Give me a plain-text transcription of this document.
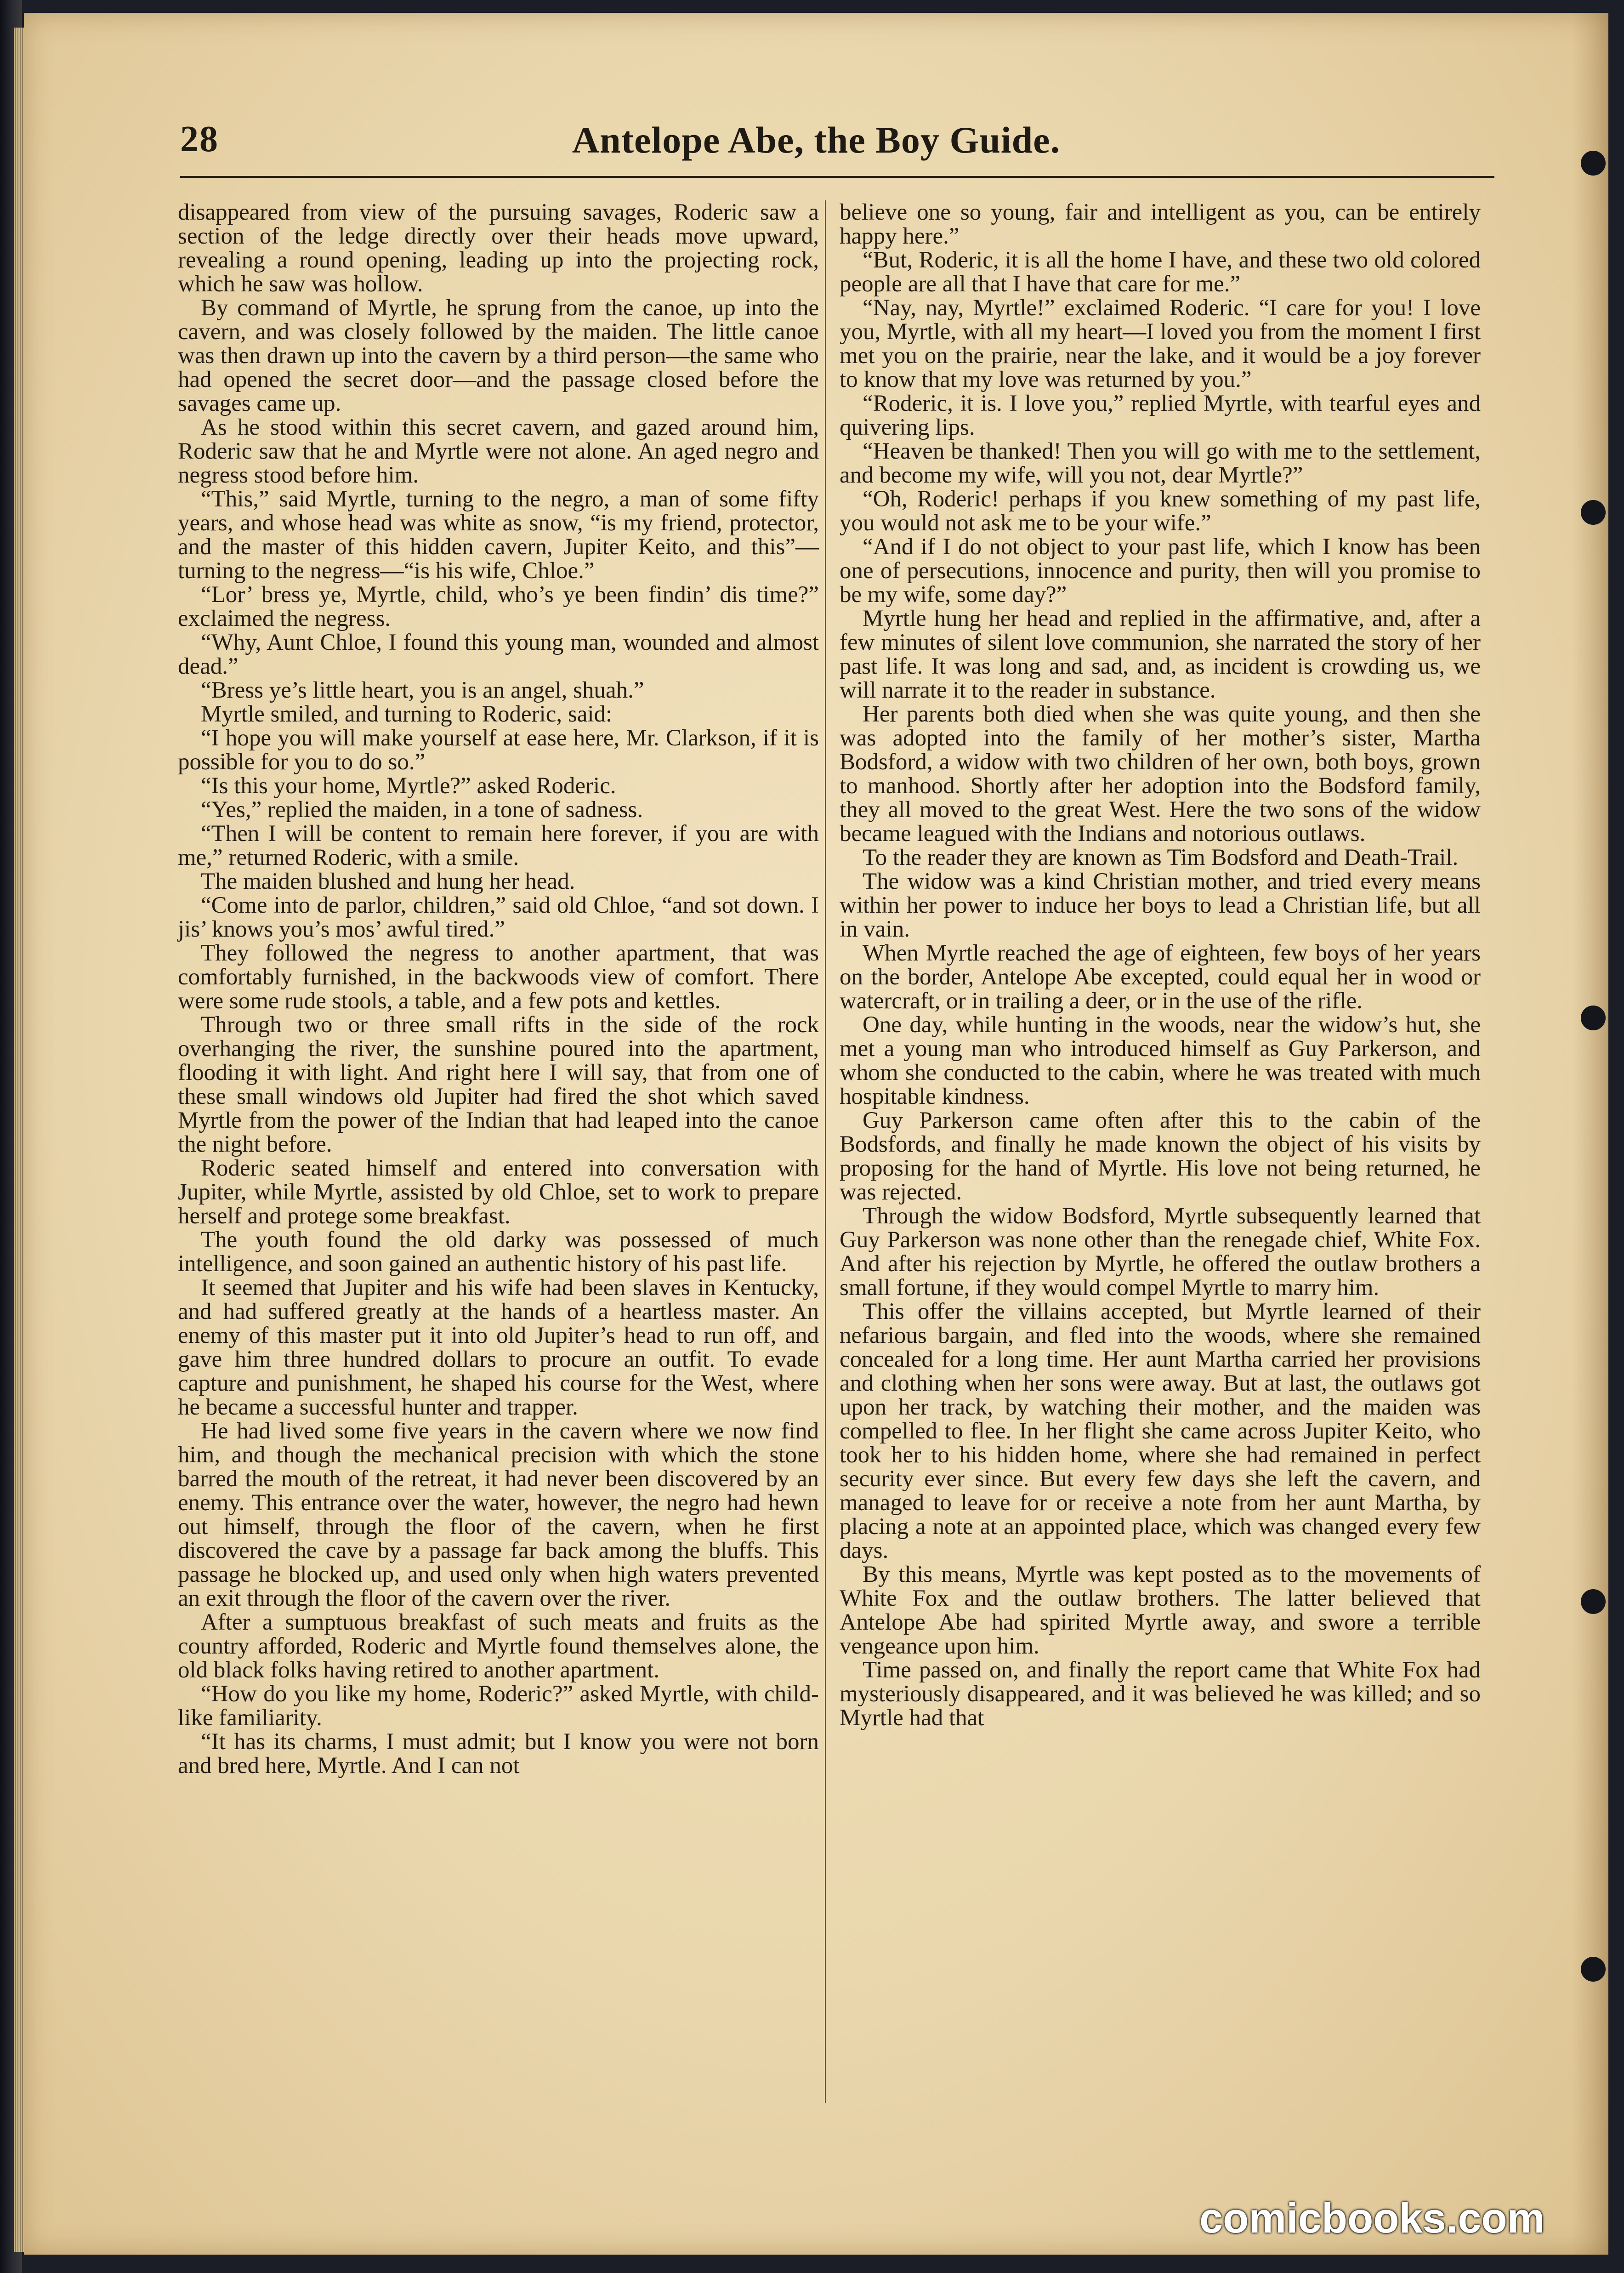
28	Antelope Abe, the Boy Guide.

disappeared from view of the pursuing savages, Roderic saw a section of the ledge directly over their heads move upward, revealing a round opening, leading up into the projecting rock, which he saw was hollow.

By command of Myrtle, he sprung from the canoe, up into the cavern, and was closely followed by the maiden. The little canoe was then drawn up into the cavern by a third person—the same who had opened the secret door—and the passage closed before the savages came up.

As he stood within this secret cavern, and gazed around him, Roderic saw that he and Myrtle were not alone. An aged negro and negress stood before him.

“This,” said Myrtle, turning to the negro, a man of some fifty years, and whose head was white as snow, “is my friend, protector, and the master of this hidden cavern, Jupiter Keito, and this”—turning to the negress—“is his wife, Chloe.”

“Lor’ bress ye, Myrtle, child, who’s ye been findin’ dis time?” exclaimed the negress.

“Why, Aunt Chloe, I found this young man, wounded and almost dead.”

“Bress ye’s little heart, you is an angel, shuah.”

Myrtle smiled, and turning to Roderic, said:

“I hope you will make yourself at ease here, Mr. Clarkson, if it is possible for you to do so.”

“Is this your home, Myrtle?” asked Roderic.

“Yes,” replied the maiden, in a tone of sadness.

“Then I will be content to remain here forever, if you are with me,” returned Roderic, with a smile.

The maiden blushed and hung her head.

“Come into de parlor, children,” said old Chloe, “and sot down. I jis’ knows you’s mos’ awful tired.”

They followed the negress to another apartment, that was comfortably furnished, in the backwoods view of comfort. There were some rude stools, a table, and a few pots and kettles.

Through two or three small rifts in the side of the rock overhanging the river, the sunshine poured into the apartment, flooding it with light. And right here I will say, that from one of these small windows old Jupiter had fired the shot which saved Myrtle from the power of the Indian that had leaped into the canoe the night before.

Roderic seated himself and entered into conversation with Jupiter, while Myrtle, assisted by old Chloe, set to work to prepare herself and protege some breakfast.

The youth found the old darky was possessed of much intelligence, and soon gained an authentic history of his past life.

It seemed that Jupiter and his wife had been slaves in Kentucky, and had suffered greatly at the hands of a heartless master. An enemy of this master put it into old Jupiter’s head to run off, and gave him three hundred dollars to procure an outfit. To evade capture and punishment, he shaped his course for the West, where he became a successful hunter and trapper.

He had lived some five years in the cavern where we now find him, and though the mechanical precision with which the stone barred the mouth of the retreat, it had never been discovered by an enemy. This entrance over the water, however, the negro had hewn out himself, through the floor of the cavern, when he first discovered the cave by a passage far back among the bluffs. This passage he blocked up, and used only when high waters prevented an exit through the floor of the cavern over the river.

After a sumptuous breakfast of such meats and fruits as the country afforded, Roderic and Myrtle found themselves alone, the old black folks having retired to another apartment.

“How do you like my home, Roderic?” asked Myrtle, with child-like familiarity.

“It has its charms, I must admit; but I know you were not born and bred here, Myrtle. And I can not

believe one so young, fair and intelligent as you, can be entirely happy here.”

“But, Roderic, it is all the home I have, and these two old colored people are all that I have that care for me.”

“Nay, nay, Myrtle!” exclaimed Roderic. “I care for you! I love you, Myrtle, with all my heart—I loved you from the moment I first met you on the prairie, near the lake, and it would be a joy forever to know that my love was returned by you.”

“Roderic, it is. I love you,” replied Myrtle, with tearful eyes and quivering lips.

“Heaven be thanked! Then you will go with me to the settlement, and become my wife, will you not, dear Myrtle?”

“Oh, Roderic! perhaps if you knew something of my past life, you would not ask me to be your wife.”

“And if I do not object to your past life, which I know has been one of persecutions, innocence and purity, then will you promise to be my wife, some day?”

Myrtle hung her head and replied in the affirmative, and, after a few minutes of silent love communion, she narrated the story of her past life. It was long and sad, and, as incident is crowding us, we will narrate it to the reader in substance.

Her parents both died when she was quite young, and then she was adopted into the family of her mother’s sister, Martha Bodsford, a widow with two children of her own, both boys, grown to manhood. Shortly after her adoption into the Bodsford family, they all moved to the great West. Here the two sons of the widow became leagued with the Indians and notorious outlaws.

To the reader they are known as Tim Bodsford and Death-Trail.

The widow was a kind Christian mother, and tried every means within her power to induce her boys to lead a Christian life, but all in vain.

When Myrtle reached the age of eighteen, few boys of her years on the border, Antelope Abe excepted, could equal her in wood or watercraft, or in trailing a deer, or in the use of the rifle.

One day, while hunting in the woods, near the widow’s hut, she met a young man who introduced himself as Guy Parkerson, and whom she conducted to the cabin, where he was treated with much hospitable kindness.

Guy Parkerson came often after this to the cabin of the Bodsfords, and finally he made known the object of his visits by proposing for the hand of Myrtle. His love not being returned, he was rejected.

Through the widow Bodsford, Myrtle subsequently learned that Guy Parkerson was none other than the renegade chief, White Fox. And after his rejection by Myrtle, he offered the outlaw brothers a small fortune, if they would compel Myrtle to marry him.

This offer the villains accepted, but Myrtle learned of their nefarious bargain, and fled into the woods, where she remained concealed for a long time. Her aunt Martha carried her provisions and clothing when her sons were away. But at last, the outlaws got upon her track, by watching their mother, and the maiden was compelled to flee. In her flight she came across Jupiter Keito, who took her to his hidden home, where she had remained in perfect security ever since. But every few days she left the cavern, and managed to leave for or receive a note from her aunt Martha, by placing a note at an appointed place, which was changed every few days.

By this means, Myrtle was kept posted as to the movements of White Fox and the outlaw brothers. The latter believed that Antelope Abe had spirited Myrtle away, and swore a terrible vengeance upon him.

Time passed on, and finally the report came that White Fox had mysteriously disappeared, and it was believed he was killed; and so Myrtle had that

comicbooks.com
